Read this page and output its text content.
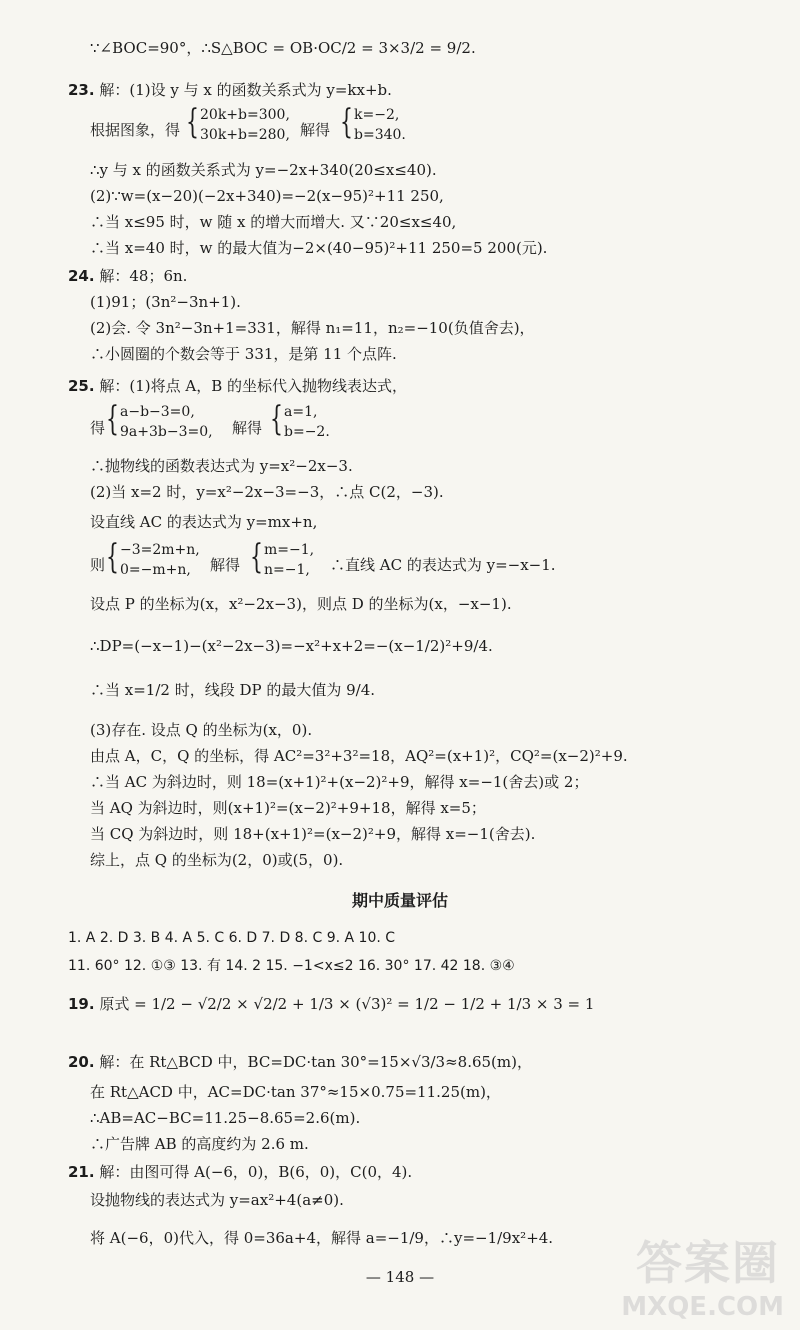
∵∠BOC=90°，∴S△BOC = OB·OC/2 = 3×3/2 = 9/2.
23. 解：(1)设 y 与 x 的函数关系式为 y=kx+b.
根据图象，得 { 20k+b=300,
30k+b=280, 解得 { k=−2,
b=340.
∴y 与 x 的函数关系式为 y=−2x+340(20≤x≤40).
(2)∵w=(x−20)(−2x+340)=−2(x−95)²+11 250,
∴当 x≤95 时，w 随 x 的增大而增大. 又∵20≤x≤40,
∴当 x=40 时，w 的最大值为−2×(40−95)²+11 250=5 200(元).
24. 解：48；6n.
(1)91；(3n²−3n+1).
(2)会. 令 3n²−3n+1=331，解得 n₁=11，n₂=−10(负值舍去)，
∴小圆圈的个数会等于 331，是第 11 个点阵.
25. 解：(1)将点 A，B 的坐标代入抛物线表达式，
得 { a−b−3=0,
9a+3b−3=0, 解得 { a=1,
b=−2.
∴抛物线的函数表达式为 y=x²−2x−3.
(2)当 x=2 时，y=x²−2x−3=−3，∴点 C(2，−3).
设直线 AC 的表达式为 y=mx+n,
则 { −3=2m+n,
0=−m+n,	解得 { m=−1,
n=−1, ∴直线 AC 的表达式为 y=−x−1.
设点 P 的坐标为(x，x²−2x−3)，则点 D 的坐标为(x，−x−1).
∴DP=(−x−1)−(x²−2x−3)=−x²+x+2=−(x−1/2)²+9/4.
∴当 x=1/2 时，线段 DP 的最大值为 9/4.
(3)存在. 设点 Q 的坐标为(x，0).
由点 A，C，Q 的坐标，得 AC²=3²+3²=18，AQ²=(x+1)²，CQ²=(x−2)²+9.
∴当 AC 为斜边时，则 18=(x+1)²+(x−2)²+9，解得 x=−1(舍去)或 2；
当 AQ 为斜边时，则(x+1)²=(x−2)²+9+18，解得 x=5；
当 CQ 为斜边时，则 18+(x+1)²=(x−2)²+9，解得 x=−1(舍去).
综上，点 Q 的坐标为(2，0)或(5，0).
期中质量评估
1. A 2. D 3. B 4. A 5. C 6. D 7. D 8. C 9. A 10. C
11. 60° 12. ①③ 13. 有 14. 2 15. −1<x≤2 16. 30° 17. 42 18. ③④
19. 原式 = 1/2 − √2/2 × √2/2 + 1/3 × (√3)² = 1/2 − 1/2 + 1/3 × 3 = 1
20. 解：在 Rt△BCD 中，BC=DC·tan 30°=15×√3/3≈8.65(m)，
在 Rt△ACD 中，AC=DC·tan 37°≈15×0.75=11.25(m)，
∴AB=AC−BC=11.25−8.65=2.6(m).
∴广告牌 AB 的高度约为 2.6 m.
21. 解：由图可得 A(−6，0)，B(6，0)，C(0，4).
设抛物线的表达式为 y=ax²+4(a≠0).
将 A(−6，0)代入，得 0=36a+4，解得 a=−1/9，∴y=−1/9x²+4.
— 148 —	答案圈
MXQE.COM
